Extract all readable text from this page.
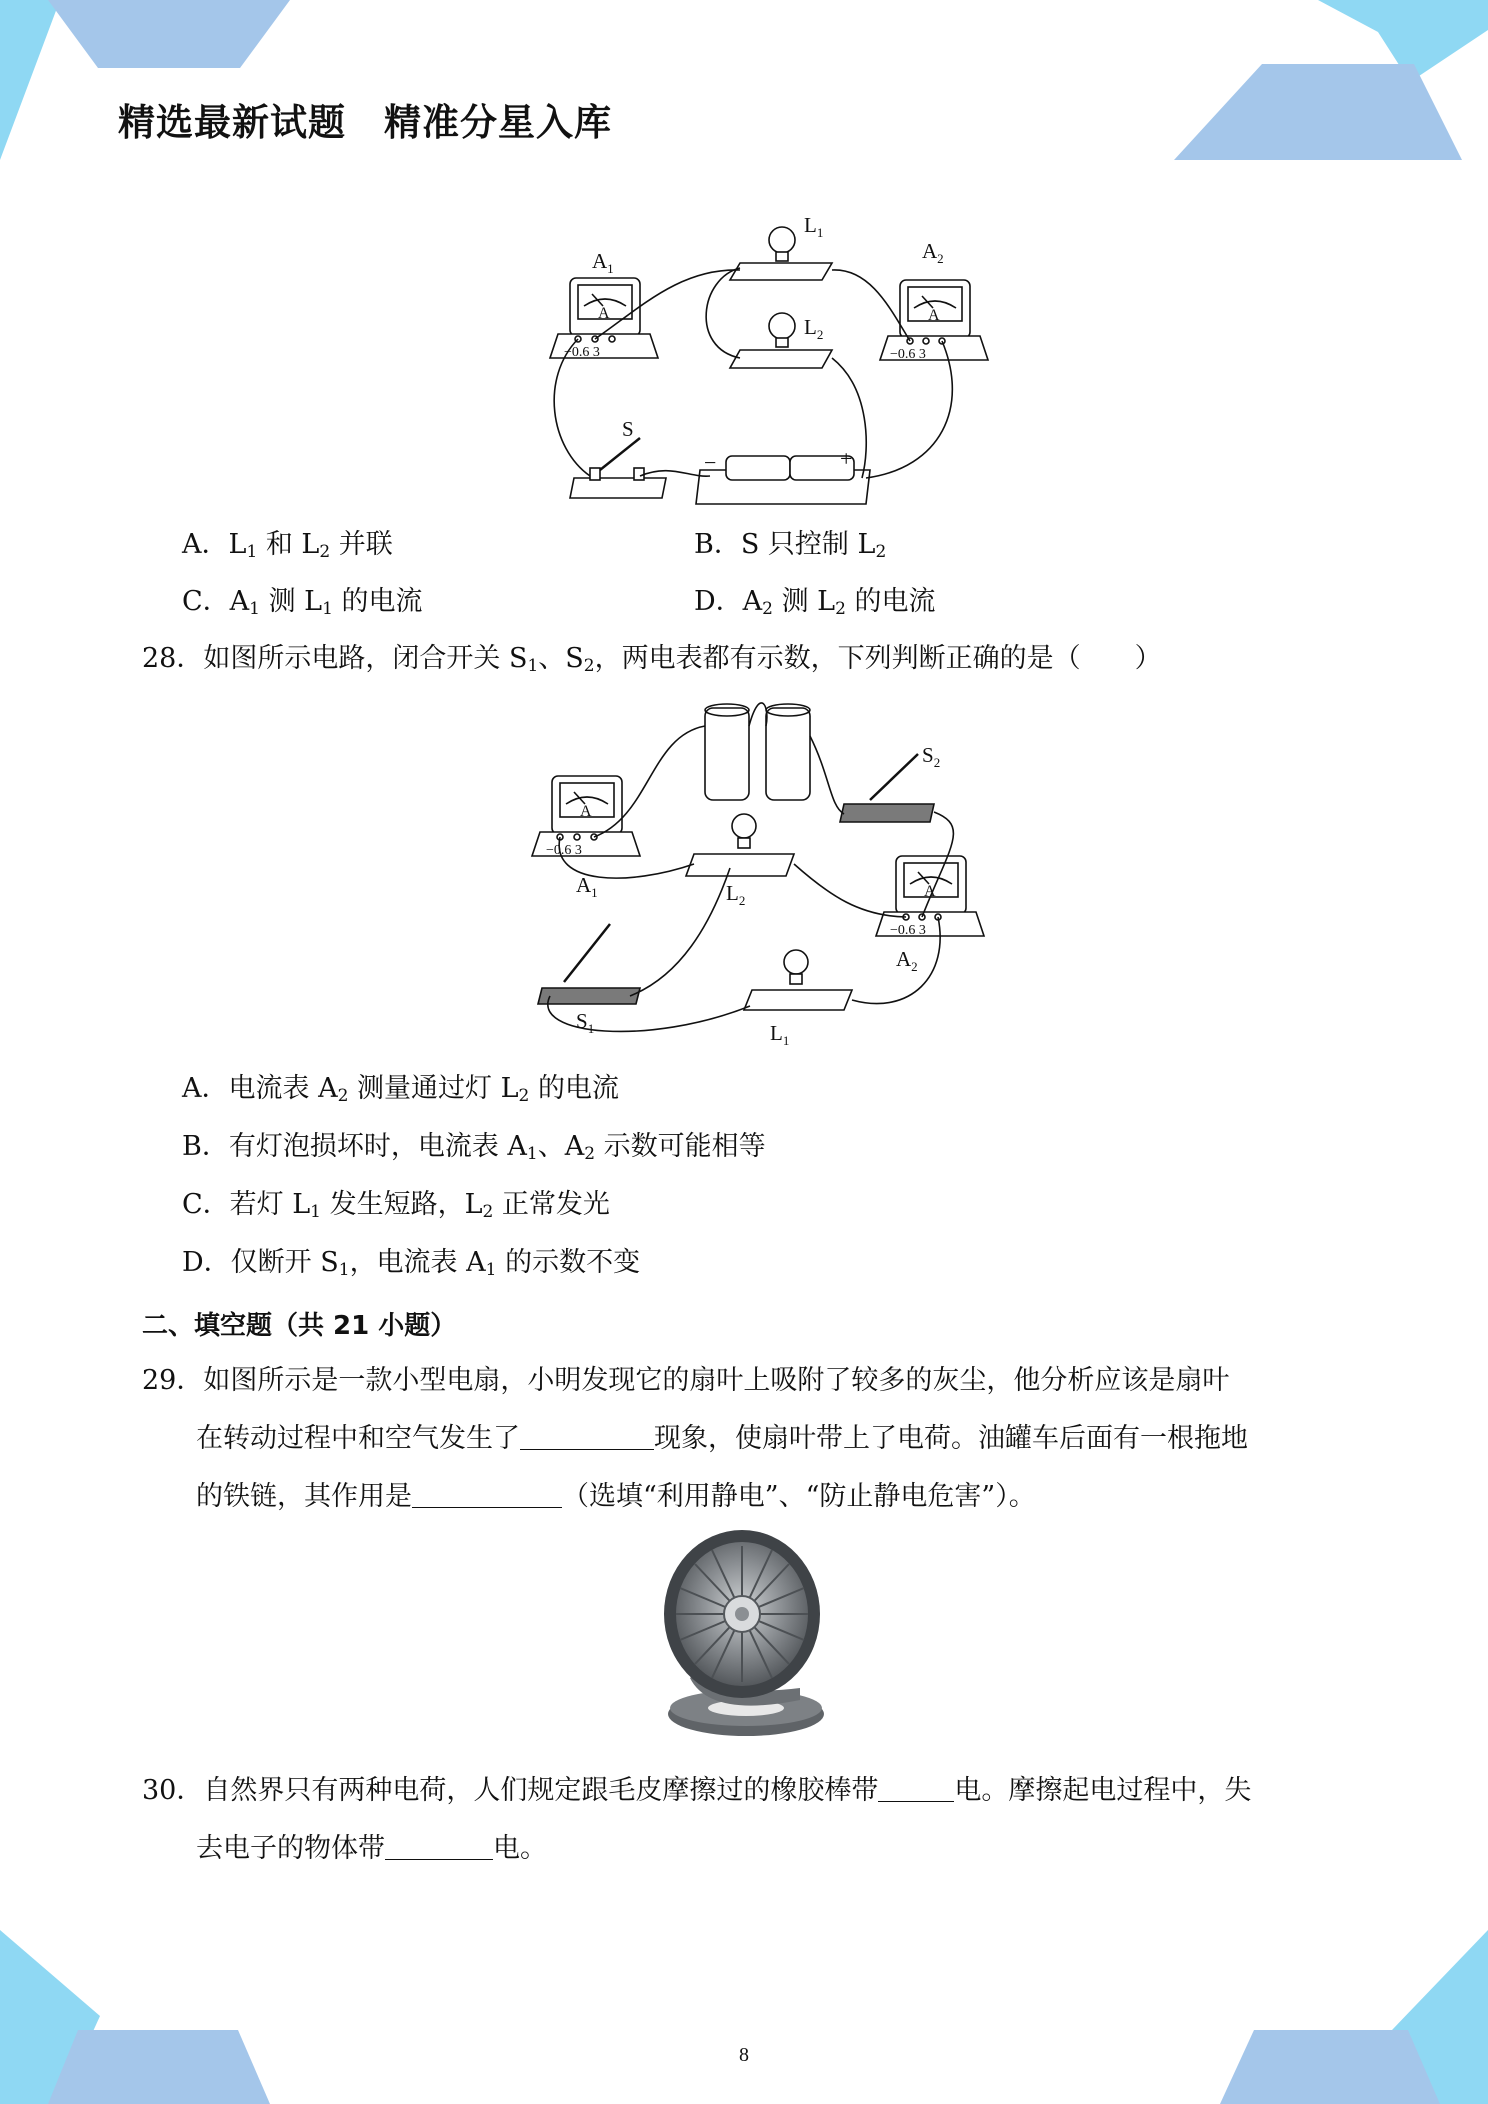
精选最新试题　精准分星入库
$A_1$
$A_2$
$L_1$
$L_2$
S
A	A
−0.6 3	−0.6 3
−	+
A．$L_1$ 和 $L_2$ 并联	B．S 只控制 $L_2$
C．$A_1$ 测 $L_1$ 的电流	D．$A_2$ 测 $L_2$ 的电流
28．如图所示电路，闭合开关 $S_1$、$S_2$，两电表都有示数，下列判断正确的是（　　）
$A_1$
$A_2$
$L_1$
$L_2$
$S_1$
$S_2$
A
A
−0.6 3
−0.6 3
A．电流表 $A_2$ 测量通过灯 $L_2$ 的电流
B．有灯泡损坏时，电流表 $A_1$、$A_2$ 示数可能相等
C．若灯 $L_1$ 发生短路，$L_2$ 正常发光
D．仅断开 $S_1$，电流表 $A_1$ 的示数不变
二、填空题（共 21 小题）
29．如图所示是一款小型电扇，小明发现它的扇叶上吸附了较多的灰尘，他分析应该是扇叶
在转动过程中和空气发生了	现象，使扇叶带上了电荷。油罐车后面有一根拖地
的铁链，其作用是	（选填“利用静电”、“防止静电危害”）。
30．自然界只有两种电荷，人们规定跟毛皮摩擦过的橡胶棒带	电。摩擦起电过程中，失
去电子的物体带	电。
8
